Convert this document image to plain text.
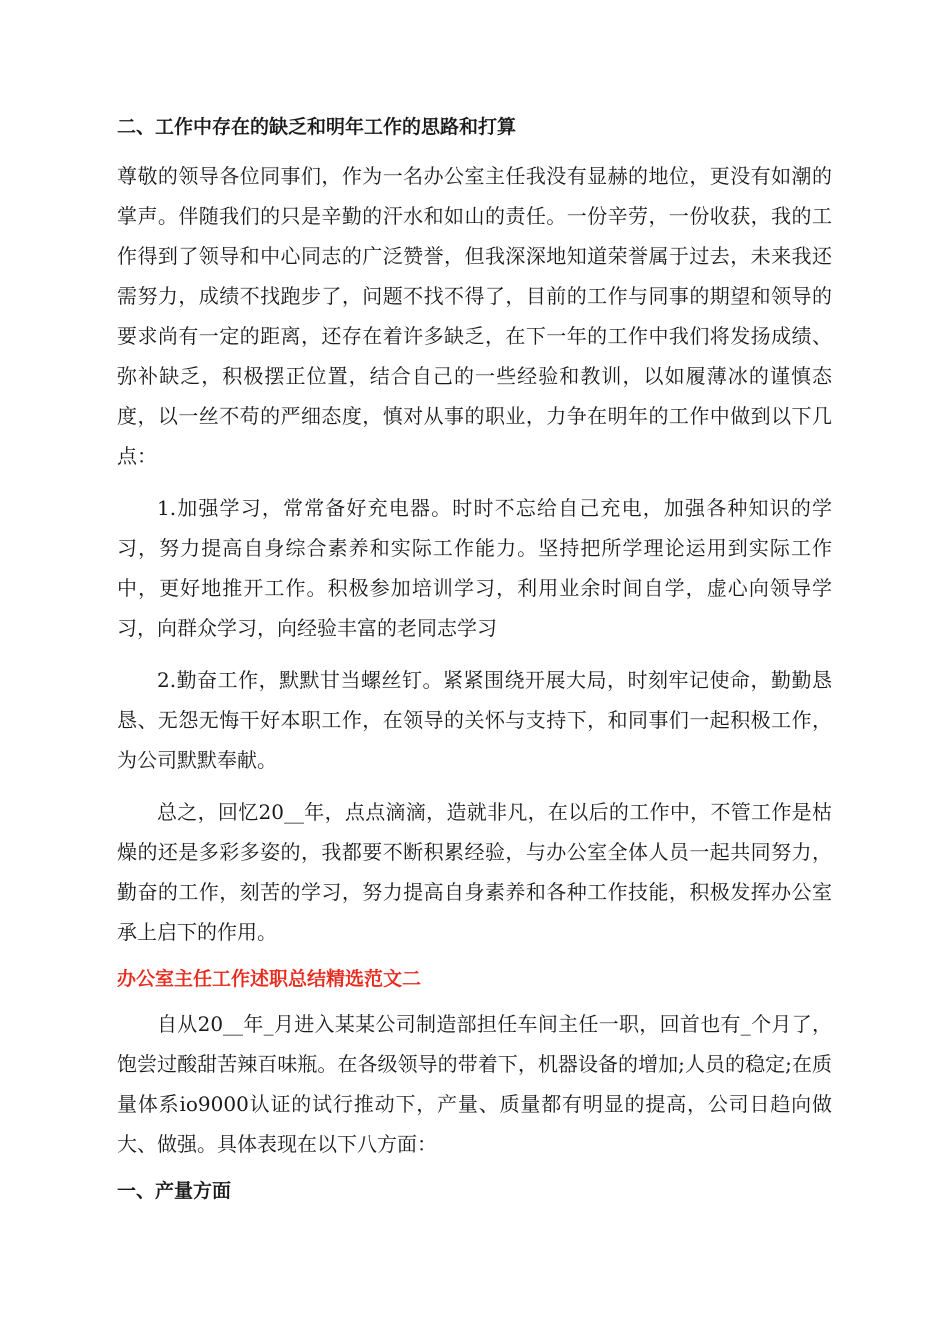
二、工作中存在的缺乏和明年工作的思路和打算

尊敬的领导各位同事们，作为一名办公室主任我没有显赫的地位，更没有如潮的掌声。伴随我们的只是辛勤的汗水和如山的责任。一份辛劳，一份收获，我的工作得到了领导和中心同志的广泛赞誉，但我深深地知道荣誉属于过去，未来我还需努力，成绩不找跑步了，问题不找不得了，目前的工作与同事的期望和领导的要求尚有一定的距离，还存在着许多缺乏，在下一年的工作中我们将发扬成绩、弥补缺乏，积极摆正位置，结合自己的一些经验和教训，以如履薄冰的谨慎态度，以一丝不苟的严细态度，慎对从事的职业，力争在明年的工作中做到以下几点：

1.加强学习，常常备好充电器。时时不忘给自己充电，加强各种知识的学习，努力提高自身综合素养和实际工作能力。坚持把所学理论运用到实际工作中，更好地推开工作。积极参加培训学习，利用业余时间自学，虚心向领导学习，向群众学习，向经验丰富的老同志学习

2.勤奋工作，默默甘当螺丝钉。紧紧围绕开展大局，时刻牢记使命，勤勤恳恳、无怨无悔干好本职工作，在领导的关怀与支持下，和同事们一起积极工作，为公司默默奉献。

总之，回忆20__年，点点滴滴，造就非凡，在以后的工作中，不管工作是枯燥的还是多彩多姿的，我都要不断积累经验，与办公室全体人员一起共同努力，勤奋的工作，刻苦的学习，努力提高自身素养和各种工作技能，积极发挥办公室承上启下的作用。

办公室主任工作述职总结精选范文二

自从20__年_月进入某某公司制造部担任车间主任一职，回首也有_个月了，饱尝过酸甜苦辣百味瓶。在各级领导的带着下，机器设备的增加;人员的稳定;在质量体系io9000认证的试行推动下，产量、质量都有明显的提高，公司日趋向做大、做强。具体表现在以下八方面：

一、产量方面
